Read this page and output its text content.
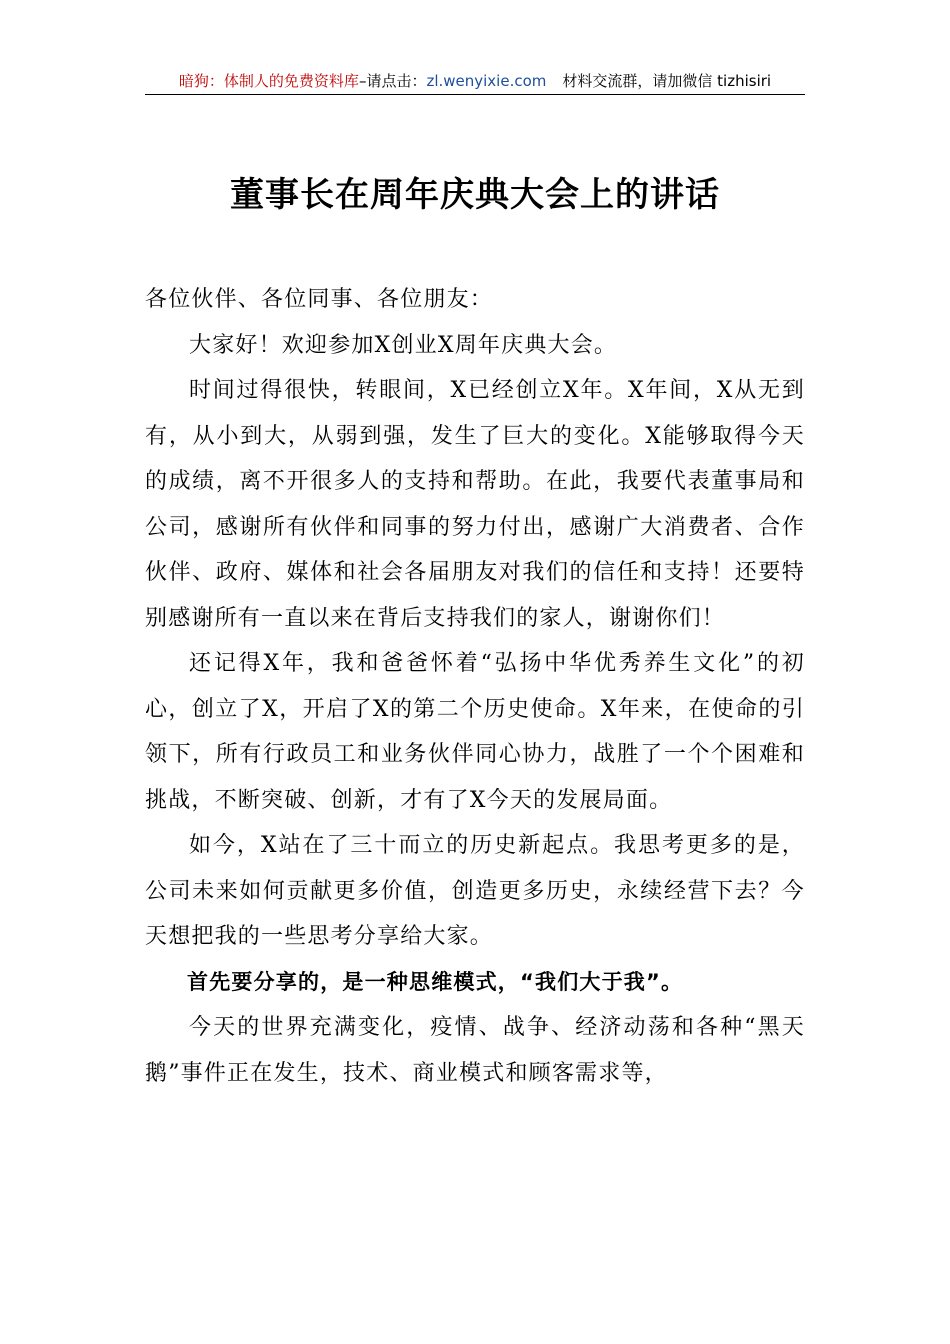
暗狗：体制人的免费资料库–请点击：zl.wenyixie.com 材料交流群，请加微信 tizhisiri
董事长在周年庆典大会上的讲话

各位伙伴、各位同事、各位朋友：

大家好！欢迎参加X创业X周年庆典大会。

时间过得很快，转眼间，X已经创立X年。X年间，X从无到有，从小到大，从弱到强，发生了巨大的变化。X能够取得今天的成绩，离不开很多人的支持和帮助。在此，我要代表董事局和公司，感谢所有伙伴和同事的努力付出，感谢广大消费者、合作伙伴、政府、媒体和社会各届朋友对我们的信任和支持！还要特别感谢所有一直以来在背后支持我们的家人，谢谢你们！

还记得X年，我和爸爸怀着“弘扬中华优秀养生文化”的初心，创立了X，开启了X的第二个历史使命。X年来，在使命的引领下，所有行政员工和业务伙伴同心协力，战胜了一个个困难和挑战，不断突破、创新，才有了X今天的发展局面。

如今，X站在了三十而立的历史新起点。我思考更多的是，公司未来如何贡献更多价值，创造更多历史，永续经营下去？今天想把我的一些思考分享给大家。

首先要分享的，是一种思维模式，“我们大于我”。

今天的世界充满变化，疫情、战争、经济动荡和各种“黑天鹅”事件正在发生，技术、商业模式和顾客需求等，
